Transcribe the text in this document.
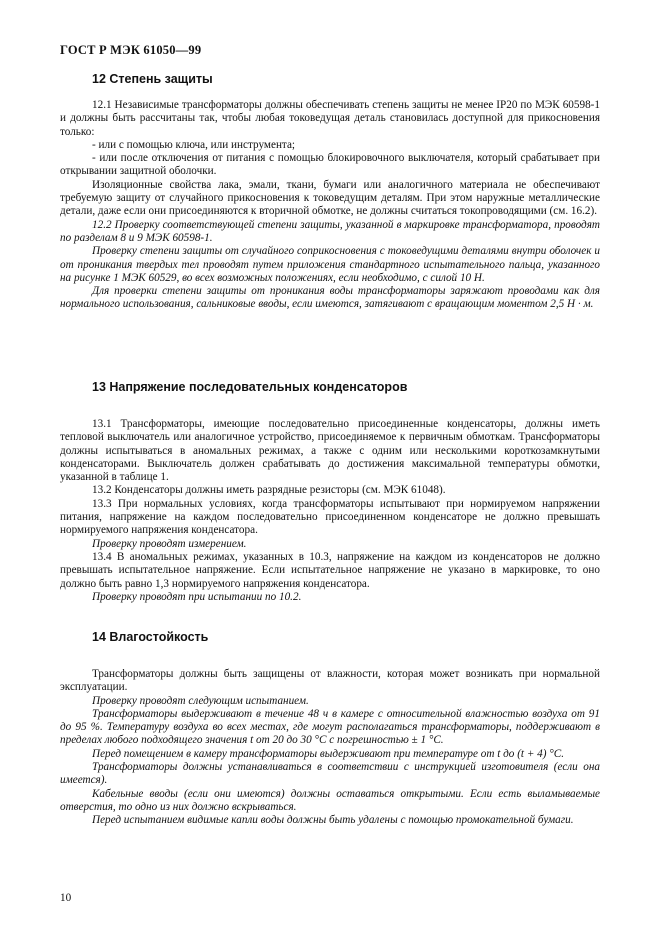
ГОСТ Р МЭК 61050—99

12 Степень защиты

12.1 Независимые трансформаторы должны обеспечивать степень защиты не менее IP20 по МЭК 60598-1 и должны быть рассчитаны так, чтобы любая токоведущая деталь становилась доступной для прикосновения только:

- или с помощью ключа, или инструмента;

- или после отключения от питания с помощью блокировочного выключателя, который срабатывает при открывании защитной оболочки.

Изоляционные свойства лака, эмали, ткани, бумаги или аналогичного материала не обеспечивают требуемую защиту от случайного прикосновения к токоведущим деталям. При этом наружные металлические детали, даже если они присоединяются к вторичной обмотке, не должны считаться токопроводящими (см. 16.2).

12.2 Проверку соответствующей степени защиты, указанной в маркировке трансформатора, проводят по разделам 8 и 9 МЭК 60598-1.

Проверку степени защиты от случайного соприкосновения с токоведущими деталями внутри оболочек и от проникания твердых тел проводят путем приложения стандартного испытательного пальца, указанного на рисунке 1 МЭК 60529, во всех возможных положениях, если необходимо, с силой 10 Н.

Для проверки степени защиты от проникания воды трансформаторы заряжают проводами как для нормального использования, сальниковые вводы, если имеются, затягивают с вращающим моментом 2,5 Н · м.

13 Напряжение последовательных конденсаторов

13.1 Трансформаторы, имеющие последовательно присоединенные конденсаторы, должны иметь тепловой выключатель или аналогичное устройство, присоединяемое к первичным обмоткам. Трансформаторы должны испытываться в аномальных режимах, а также с одним или несколькими короткозамкнутыми конденсаторами. Выключатель должен срабатывать до достижения максимальной температуры обмотки, указанной в таблице 1.

13.2 Конденсаторы должны иметь разрядные резисторы (см. МЭК 61048).

13.3 При нормальных условиях, когда трансформаторы испытывают при нормируемом напряжении питания, напряжение на каждом последовательно присоединенном конденсаторе не должно превышать нормируемого напряжения конденсатора.

Проверку проводят измерением.

13.4 В аномальных режимах, указанных в 10.3, напряжение на каждом из конденсаторов не должно превышать испытательное напряжение. Если испытательное напряжение не указано в маркировке, то оно должно быть равно 1,3 нормируемого напряжения конденсатора.

Проверку проводят при испытании по 10.2.

14 Влагостойкость

Трансформаторы должны быть защищены от влажности, которая может возникать при нормальной эксплуатации.

Проверку проводят следующим испытанием.

Трансформаторы выдерживают в течение 48 ч в камере с относительной влажностью воздуха от 91 до 95 %. Температуру воздуха во всех местах, где могут располагаться трансформаторы, поддерживают в пределах любого подходящего значения t от 20 до 30 °С с погрешностью ± 1 °С.

Перед помещением в камеру трансформаторы выдерживают при температуре от t до (t + 4) °С.

Трансформаторы должны устанавливаться в соответствии с инструкцией изготовителя (если она имеется).

Кабельные вводы (если они имеются) должны оставаться открытыми. Если есть выламываемые отверстия, то одно из них должно вскрываться.

Перед испытанием видимые капли воды должны быть удалены с помощью промокательной бумаги.

10
